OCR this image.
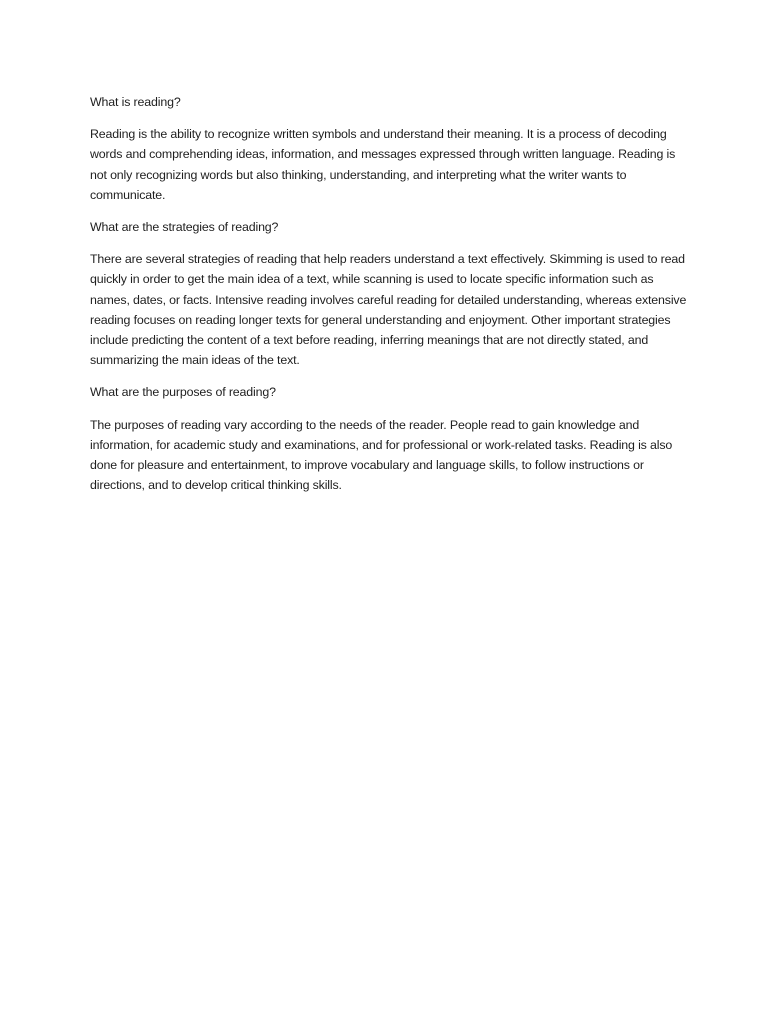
What is reading?

Reading is the ability to recognize written symbols and understand their meaning. It is a process of decoding words and comprehending ideas, information, and messages expressed through written language. Reading is not only recognizing words but also thinking, understanding, and interpreting what the writer wants to communicate.

What are the strategies of reading?

There are several strategies of reading that help readers understand a text effectively. Skimming is used to read quickly in order to get the main idea of a text, while scanning is used to locate specific information such as names, dates, or facts. Intensive reading involves careful reading for detailed understanding, whereas extensive reading focuses on reading longer texts for general understanding and enjoyment. Other important strategies include predicting the content of a text before reading, inferring meanings that are not directly stated, and summarizing the main ideas of the text.

What are the purposes of reading?

The purposes of reading vary according to the needs of the reader. People read to gain knowledge and information, for academic study and examinations, and for professional or work-related tasks. Reading is also done for pleasure and entertainment, to improve vocabulary and language skills, to follow instructions or directions, and to develop critical thinking skills.
